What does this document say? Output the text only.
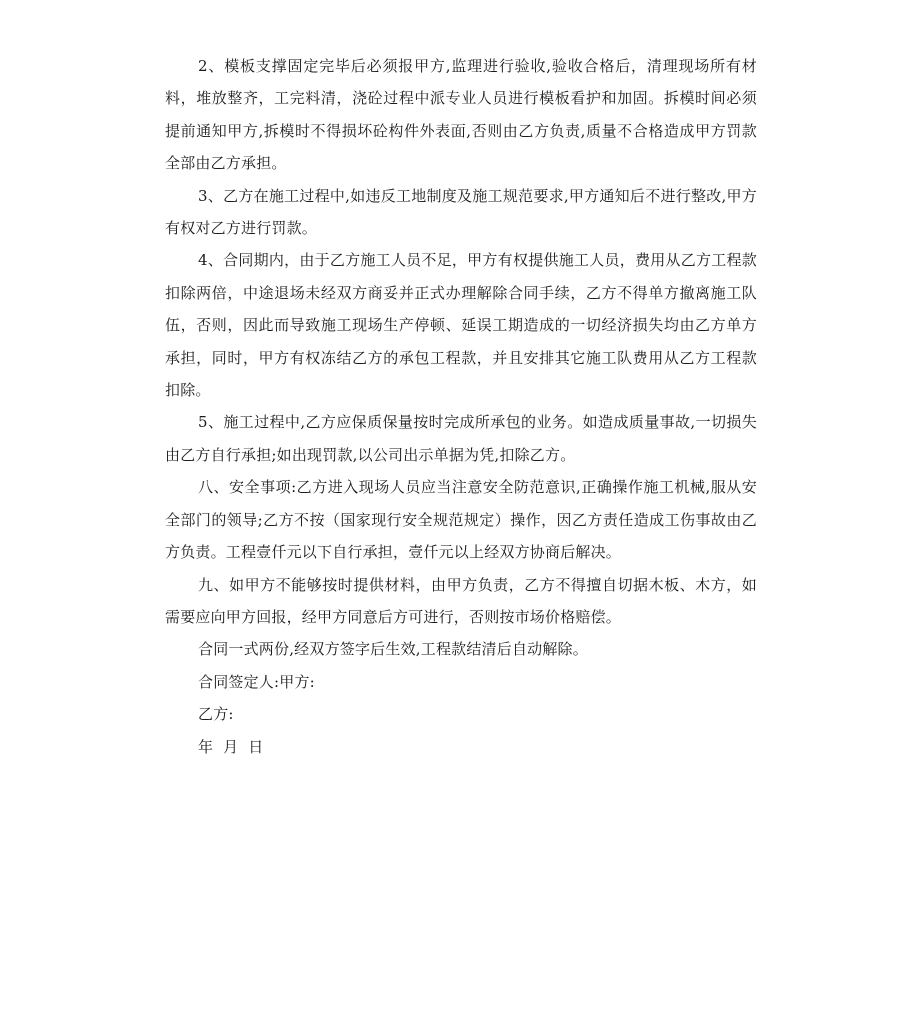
2、模板支撑固定完毕后必须报甲方,监理进行验收,验收合格后，清理现场所有材料，堆放整齐，工完料清，浇砼过程中派专业人员进行模板看护和加固。拆模时间必须提前通知甲方,拆模时不得损坏砼构件外表面,否则由乙方负责,质量不合格造成甲方罚款全部由乙方承担。

3、乙方在施工过程中,如违反工地制度及施工规范要求,甲方通知后不进行整改,甲方有权对乙方进行罚款。

4、合同期内，由于乙方施工人员不足，甲方有权提供施工人员，费用从乙方工程款扣除两倍，中途退场未经双方商妥并正式办理解除合同手续，乙方不得单方撤离施工队伍，否则，因此而导致施工现场生产停顿、延误工期造成的一切经济损失均由乙方单方承担，同时，甲方有权冻结乙方的承包工程款，并且安排其它施工队费用从乙方工程款扣除。

5、施工过程中,乙方应保质保量按时完成所承包的业务。如造成质量事故,一切损失由乙方自行承担;如出现罚款,以公司出示单据为凭,扣除乙方。

八、安全事项:乙方进入现场人员应当注意安全防范意识,正确操作施工机械,服从安全部门的领导;乙方不按（国家现行安全规范规定）操作，因乙方责任造成工伤事故由乙方负责。工程壹仟元以下自行承担，壹仟元以上经双方协商后解决。

九、如甲方不能够按时提供材料，由甲方负责，乙方不得擅自切据木板、木方，如需要应向甲方回报，经甲方同意后方可进行，否则按市场价格赔偿。

合同一式两份,经双方签字后生效,工程款结清后自动解除。

合同签定人:甲方:

乙方:

年  月  日
